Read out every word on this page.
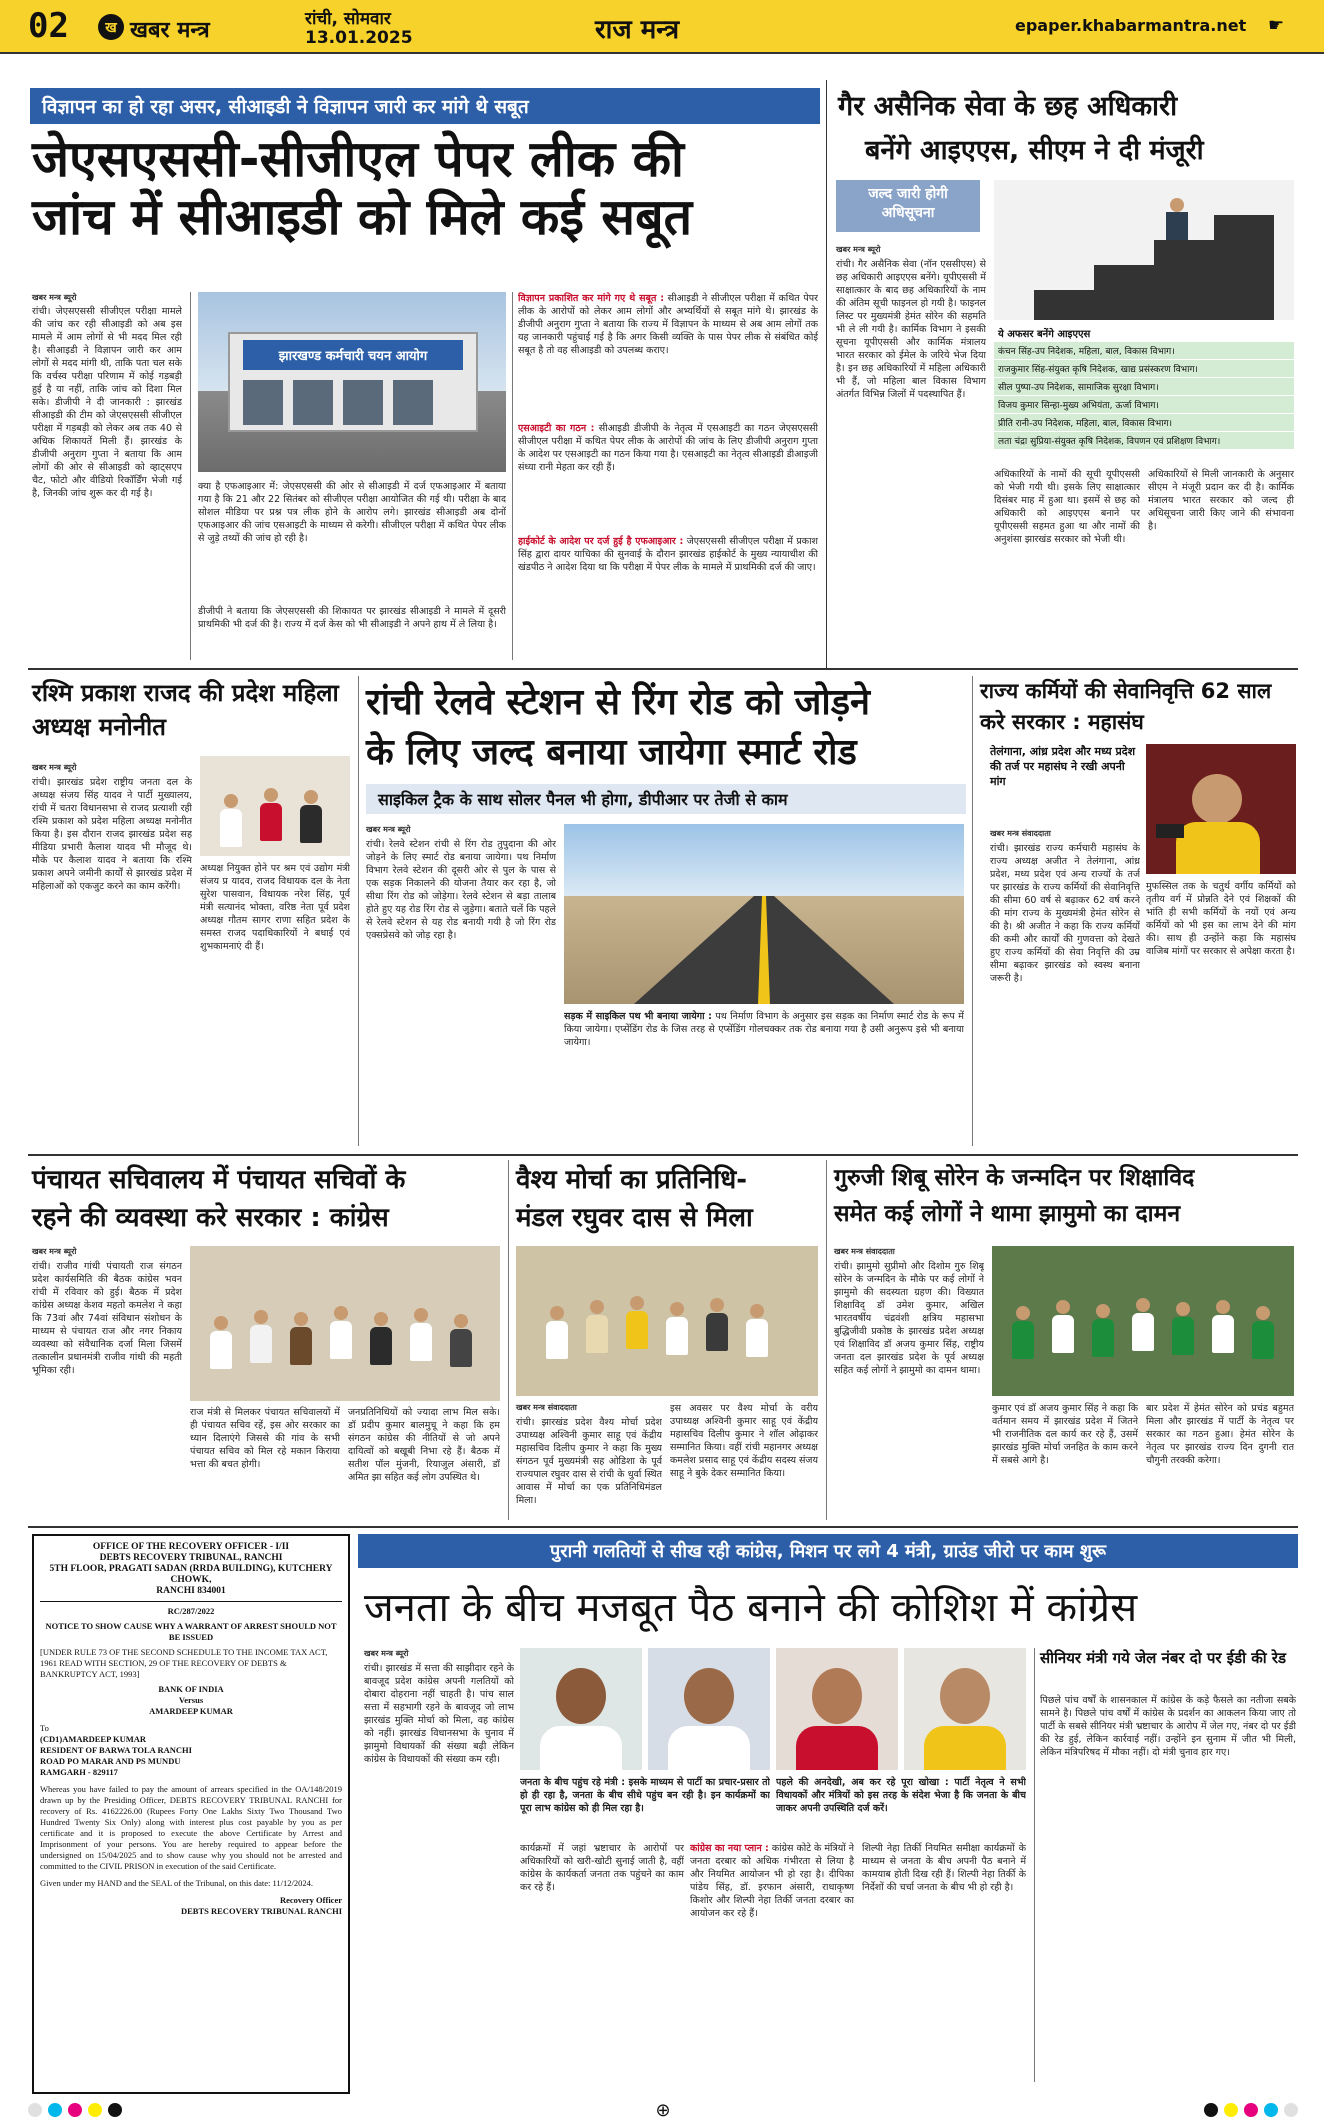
02	ख खबर मन्त्र	रांची, सोमवार
13.01.2025	राज मन्त्र	epaper.khabarmantra.net ☛
विज्ञापन का हो रहा असर, सीआइडी ने विज्ञापन जारी कर मांगे थे सबूत
जेएसएससी-सीजीएल पेपर लीक की
जांच में सीआइडी को मिले कई सबूत
खबर मन्त्र ब्यूरो
रांची। जेएसएससी सीजीएल परीक्षा मामले की जांच कर रही सीआइडी को अब इस मामले में आम लोगों से भी मदद मिल रही है। सीआइडी ने विज्ञापन जारी कर आम लोगों से मदद मांगी थी, ताकि पता चल सके कि वर्चस्व परीक्षा परिणाम में कोई गड़बड़ी हुई है या नहीं, ताकि जांच को दिशा मिल सके। डीजीपी ने दी जानकारी : झारखंड सीआइडी की टीम को जेएसएससी सीजीएल परीक्षा में गड़बड़ी को लेकर अब तक 40 से अधिक शिकायतें मिली हैं। झारखंड के डीजीपी अनुराग गुप्ता ने बताया कि आम लोगों की ओर से सीआइडी को व्हाट्सएप चैट, फोटो और वीडियो रिकॉर्डिंग भेजी गई है, जिनकी जांच शुरू कर दी गई है।
झारखण्ड कर्मचारी चयन आयोग
क्या है एफआइआर में: जेएसएससी की ओर से सीआइडी में दर्ज एफआइआर में बताया गया है कि 21 और 22 सितंबर को सीजीएल परीक्षा आयोजित की गई थी। परीक्षा के बाद सोशल मीडिया पर प्रश्न पत्र लीक होने के आरोप लगे। झारखंड सीआइडी अब दोनों एफआइआर की जांच एसआइटी के माध्यम से करेगी। सीजीएल परीक्षा में कथित पेपर लीक से जुड़े तथ्यों की जांच हो रही है।
डीजीपी ने बताया कि जेएसएससी की शिकायत पर झारखंड सीआइडी ने मामले में दूसरी प्राथमिकी भी दर्ज की है। राज्य में दर्ज केस को भी सीआइडी ने अपने हाथ में ले लिया है।
विज्ञापन प्रकाशित कर मांगे गए थे सबूत : सीआइडी ने सीजीएल परीक्षा में कथित पेपर लीक के आरोपों को लेकर आम लोगों और अभ्यर्थियों से सबूत मांगे थे। झारखंड के डीजीपी अनुराग गुप्ता ने बताया कि राज्य में विज्ञापन के माध्यम से अब आम लोगों तक यह जानकारी पहुंचाई गई है कि अगर किसी व्यक्ति के पास पेपर लीक से संबंधित कोई सबूत है तो वह सीआइडी को उपलब्ध कराए।
एसआइटी का गठन : सीआइडी डीजीपी के नेतृत्व में एसआइटी का गठन जेएसएससी सीजीएल परीक्षा में कथित पेपर लीक के आरोपों की जांच के लिए डीजीपी अनुराग गुप्ता के आदेश पर एसआइटी का गठन किया गया है। एसआइटी का नेतृत्व सीआइडी डीआइजी संध्या रानी मेहता कर रही हैं।
हाईकोर्ट के आदेश पर दर्ज हुई है एफआइआर : जेएसएससी सीजीएल परीक्षा में प्रकाश सिंह द्वारा दायर याचिका की सुनवाई के दौरान झारखंड हाईकोर्ट के मुख्य न्यायाधीश की खंडपीठ ने आदेश दिया था कि परीक्षा में पेपर लीक के मामले में प्राथमिकी दर्ज की जाए।
गैर असैनिक सेवा के छह अधिकारी
बनेंगे आइएएस, सीएम ने दी मंजूरी
जल्द जारी होगी
अधिसूचना
खबर मन्त्र ब्यूरो
रांची। गैर असैनिक सेवा (नॉन एससीएस) से छह अधिकारी आइएएस बनेंगे। यूपीएससी में साक्षात्कार के बाद छह अधिकारियों के नाम की अंतिम सूची फाइनल हो गयी है। फाइनल लिस्ट पर मुख्यमंत्री हेमंत सोरेन की सहमति भी ले ली गयी है। कार्मिक विभाग ने इसकी सूचना यूपीएससी और कार्मिक मंत्रालय भारत सरकार को ईमेल के जरिये भेज दिया है। इन छह अधिकारियों में महिला अधिकारी भी हैं, जो महिला बाल विकास विभाग अंतर्गत विभिन्न जिलों में पदस्थापित हैं।
ये अफसर बनेंगे आइएएस
कंचन सिंह-उप निदेशक, महिला, बाल, विकास विभाग।
राजकुमार सिंह-संयुक्त कृषि निदेशक, खाद्य प्रसंस्करण विभाग।
सील पुष्पा-उप निदेशक, सामाजिक सुरक्षा विभाग।
विजय कुमार सिन्हा-मुख्य अभियंता, ऊर्जा विभाग।
प्रीति रानी-उप निदेशक, महिला, बाल, विकास विभाग।
लता चंद्रा सुप्रिया-संयुक्त कृषि निदेशक, विपणन एवं प्रशिक्षण विभाग।
अधिकारियों के नामों की सूची यूपीएससी को भेजी गयी थी। इसके लिए साक्षात्कार दिसंबर माह में हुआ था। इसमें से छह को अधिकारी को आइएएस बनाने पर यूपीएससी सहमत हुआ था और नामों की अनुशंसा झारखंड सरकार को भेजी थी।
अधिकारियों से मिली जानकारी के अनुसार सीएम ने मंजूरी प्रदान कर दी है। कार्मिक मंत्रालय भारत सरकार को जल्द ही अधिसूचना जारी किए जाने की संभावना है।
रश्मि प्रकाश राजद की प्रदेश महिला अध्यक्ष मनोनीत
खबर मन्त्र ब्यूरो
रांची। झारखंड प्रदेश राष्ट्रीय जनता दल के अध्यक्ष संजय सिंह यादव ने पार्टी मुख्यालय, रांची में चतरा विधानसभा से राजद प्रत्याशी रही रश्मि प्रकाश को प्रदेश महिला अध्यक्ष मनोनीत किया है। इस दौरान राजद झारखंड प्रदेश सह मीडिया प्रभारी कैलाश यादव भी मौजूद थे। मौके पर कैलाश यादव ने बताया कि रश्मि प्रकाश अपने जमीनी कार्यों से झारखंड प्रदेश में महिलाओं को एकजुट करने का काम करेंगी।
अध्यक्ष नियुक्त होने पर श्रम एवं उद्योग मंत्री संजय प्र यादव, राजद विधायक दल के नेता सुरेश पासवान, विधायक नरेश सिंह, पूर्व मंत्री सत्यानंद भोक्ता, वरिष्ठ नेता पूर्व प्रदेश अध्यक्ष गौतम सागर राणा सहित प्रदेश के समस्त राजद पदाधिकारियों ने बधाई एवं शुभकामनाएं दी हैं।
रांची रेलवे स्टेशन से रिंग रोड को जोड़ने
के लिए जल्द बनाया जायेगा स्मार्ट रोड
साइकिल ट्रैक के साथ सोलर पैनल भी होगा, डीपीआर पर तेजी से काम
खबर मन्त्र ब्यूरो
रांची। रेलवे स्टेशन रांची से रिंग रोड तुपुदाना की ओर जोड़ने के लिए स्मार्ट रोड बनाया जायेगा। पथ निर्माण विभाग रेलवे स्टेशन की दूसरी ओर से पुल के पास से एक सड़क निकालने की योजना तैयार कर रहा है, जो सीधा रिंग रोड को जोड़ेगा। रेलवे स्टेशन से बड़ा तालाब होते हुए यह रोड रिंग रोड से जुड़ेगा। बताते चलें कि पहले से रेलवे स्टेशन से यह रोड बनायी गयी है जो रिंग रोड एक्सप्रेसवे को जोड़ रहा है।
सड़क में साइकिल पथ भी बनाया जायेगा : पथ निर्माण विभाग के अनुसार इस सड़क का निर्माण स्मार्ट रोड के रूप में किया जायेगा। एप्सेंडिंग रोड के जिस तरह से एप्सेंडिंग गोलचक्कर तक रोड बनाया गया है उसी अनुरूप इसे भी बनाया जायेगा।
राज्य कर्मियों की सेवानिवृत्ति 62 साल करे सरकार : महासंघ
तेलंगाना, आंध्र प्रदेश और मध्य प्रदेश की तर्ज पर महासंघ ने रखी अपनी मांग
खबर मन्त्र संवाददाता
रांची। झारखंड राज्य कर्मचारी महासंघ के राज्य अध्यक्ष अजीत ने तेलंगाना, आंध्र प्रदेश, मध्य प्रदेश एवं अन्य राज्यों के तर्ज पर झारखंड के राज्य कर्मियों की सेवानिवृत्ति की सीमा 60 वर्ष से बढ़ाकर 62 वर्ष करने की मांग राज्य के मुख्यमंत्री हेमंत सोरेन से की है। श्री अजीत ने कहा कि राज्य कर्मियों की कमी और कार्यों की गुणवत्ता को देखते हुए राज्य कर्मियों की सेवा निवृत्ति की उम्र सीमा बढ़ाकर झारखंड को स्वस्थ बनाना जरूरी है।
मुफस्सिल तक के चतुर्थ वर्गीय कर्मियों को तृतीय वर्ग में प्रोन्नति देने एवं शिक्षकों की भांति ही सभी कर्मियों के नयों एवं अन्य कर्मियों को भी इस का लाभ देने की मांग की। साथ ही उन्होंने कहा कि महासंघ वाजिब मांगों पर सरकार से अपेक्षा करता है।
पंचायत सचिवालय में पंचायत सचिवों के
रहने की व्यवस्था करे सरकार : कांग्रेस
खबर मन्त्र ब्यूरो
रांची। राजीव गांधी पंचायती राज संगठन प्रदेश कार्यसमिति की बैठक कांग्रेस भवन रांची में रविवार को हुई। बैठक में प्रदेश कांग्रेस अध्यक्ष केशव महतो कमलेश ने कहा कि 73वां और 74वां संविधान संशोधन के माध्यम से पंचायत राज और नगर निकाय व्यवस्था को संवैधानिक दर्जा मिला जिसमें तत्कालीन प्रधानमंत्री राजीव गांधी की महती भूमिका रही।
राज मंत्री से मिलकर पंचायत सचिवालयों में ही पंचायत सचिव रहें, इस ओर सरकार का ध्यान दिलाएंगे जिससे की गांव के सभी पंचायत सचिव को मिल रहे मकान किराया भत्ता की बचत होगी।
जनप्रतिनिधियों को ज्यादा लाभ मिल सके। डॉ प्रदीप कुमार बालमुचू ने कहा कि हम संगठन कांग्रेस की नीतियों से जो अपने दायित्वों को बखूबी निभा रहे हैं। बैठक में सतीश पॉल मुंजनी, रियाजुल अंसारी, डॉ अमित झा सहित कई लोग उपस्थित थे।
वैश्य मोर्चा का प्रतिनिधि-
मंडल रघुवर दास से मिला
खबर मन्त्र संवाददाता
रांची। झारखंड प्रदेश वैश्य मोर्चा प्रदेश उपाध्यक्ष अश्विनी कुमार साहू एवं केंद्रीय महासचिव दिलीप कुमार ने कहा कि मुख्य संगठन पूर्व मुख्यमंत्री सह ओडिशा के पूर्व राज्यपाल रघुवर दास से रांची के धुर्वा स्थित आवास में मोर्चा का एक प्रतिनिधिमंडल मिला।
इस अवसर पर वैश्य मोर्चा के वरीय उपाध्यक्ष अश्विनी कुमार साहू एवं केंद्रीय महासचिव दिलीप कुमार ने शॉल ओढ़ाकर सम्मानित किया। वहीं रांची महानगर अध्यक्ष कमलेश प्रसाद साहू एवं केंद्रीय सदस्य संजय साहू ने बुके देकर सम्मानित किया।
गुरुजी शिबू सोरेन के जन्मदिन पर शिक्षाविद
समेत कई लोगों ने थामा झामुमो का दामन
खबर मन्त्र संवाददाता
रांची। झामुमो सुप्रीमो और दिशोम गुरु शिबू सोरेन के जन्मदिन के मौके पर कई लोगों ने झामुमो की सदस्यता ग्रहण की। विख्यात शिक्षाविद् डॉ उमेश कुमार, अखिल भारतवर्षीय चंद्रवंशी क्षत्रिय महासभा बुद्धिजीवी प्रकोष्ठ के झारखंड प्रदेश अध्यक्ष एवं शिक्षाविद डॉ अजय कुमार सिंह, राष्ट्रीय जनता दल झारखंड प्रदेश के पूर्व अध्यक्ष सहित कई लोगों ने झामुमो का दामन थामा।
कुमार एवं डॉ अजय कुमार सिंह ने कहा कि वर्तमान समय में झारखंड प्रदेश में जितने भी राजनीतिक दल कार्य कर रहे हैं, उसमें झारखंड मुक्ति मोर्चा जनहित के काम करने में सबसे आगे है।
बार प्रदेश में हेमंत सोरेन को प्रचंड बहुमत मिला और झारखंड में पार्टी के नेतृत्व पर सरकार का गठन हुआ। हेमंत सोरेन के नेतृत्व पर झारखंड राज्य दिन दुगनी रात चौगुनी तरक्की करेगा।
OFFICE OF THE RECOVERY OFFICER - I/II
DEBTS RECOVERY TRIBUNAL, RANCHI
5TH FLOOR, PRAGATI SADAN (RRDA BUILDING), KUTCHERY CHOWK,
RANCHI 834001
RC/287/2022
NOTICE TO SHOW CAUSE WHY A WARRANT OF ARREST SHOULD NOT BE ISSUED
[UNDER RULE 73 OF THE SECOND SCHEDULE TO THE INCOME TAX ACT, 1961 READ WITH SECTION, 29 OF THE RECOVERY OF DEBTS & BANKRUPTCY ACT, 1993]
BANK OF INDIA
Versus
AMARDEEP KUMAR
To
(CD1)AMARDEEP KUMAR
RESIDENT OF BARWA TOLA RANCHI
ROAD PO MARAR AND PS MUNDU
RAMGARH - 829117
Whereas you have failed to pay the amount of arrears specified in the OA/148/2019 drawn up by the Presiding Officer, DEBTS RECOVERY TRIBUNAL RANCHI for recovery of Rs. 4162226.00 (Rupees Forty One Lakhs Sixty Two Thousand Two Hundred Twenty Six Only) along with interest plus cost payable by you as per certificate and it is proposed to execute the above Certificate by Arrest and Imprisonment of your persons. You are hereby required to appear before the undersigned on 15/04/2025 and to show cause why you should not be arrested and committed to the CIVIL PRISON in execution of the said Certificate.
Given under my HAND and the SEAL of the Tribunal, on this date: 11/12/2024.
Recovery Officer
DEBTS RECOVERY TRIBUNAL RANCHI
पुरानी गलतियों से सीख रही कांग्रेस, मिशन पर लगे 4 मंत्री, ग्राउंड जीरो पर काम शुरू
जनता के बीच मजबूत पैठ बनाने की कोशिश में कांग्रेस
खबर मन्त्र ब्यूरो
रांची। झारखंड में सत्ता की साझीदार रहने के बावजूद प्रदेश कांग्रेस अपनी गलतियों को दोबारा दोहराना नहीं चाहती है। पांच साल सत्ता में सहभागी रहने के बावजूद जो लाभ झारखंड मुक्ति मोर्चा को मिला, वह कांग्रेस को नहीं। झारखंड विधानसभा के चुनाव में झामुमो विधायकों की संख्या बढ़ी लेकिन कांग्रेस के विधायकों की संख्या कम रही।
जनता के बीच पहुंच रहे मंत्री : इसके माध्यम से पार्टी का प्रचार-प्रसार तो हो ही रहा है, जनता के बीच सीधे पहुंच बन रही है। इन कार्यक्रमों का पूरा लाभ कांग्रेस को ही मिल रहा है।
पहले की अनदेखी, अब कर रहे पूरा खोखा : पार्टी नेतृत्व ने सभी विधायकों और मंत्रियों को इस तरह के संदेश भेजा है कि जनता के बीच जाकर अपनी उपस्थिति दर्ज करें।
कार्यक्रमों में जहां भ्रष्टाचार के आरोपों पर अधिकारियों को खरी-खोटी सुनाई जाती है, वहीं कांग्रेस के कार्यकर्ता जनता तक पहुंचने का काम कर रहे हैं।
कांग्रेस का नया प्लान : कांग्रेस कोटे के मंत्रियों ने जनता दरबार को अधिक गंभीरता से लिया है और नियमित आयोजन भी हो रहा है। दीपिका पांडेय सिंह, डॉ. इरफान अंसारी, राधाकृष्ण किशोर और शिल्पी नेहा तिर्की जनता दरबार का आयोजन कर रहे हैं।
शिल्पी नेहा तिर्की नियमित समीक्षा कार्यक्रमों के माध्यम से जनता के बीच अपनी पैठ बनाने में कामयाब होती दिख रही हैं। शिल्पी नेहा तिर्की के निर्देशों की चर्चा जनता के बीच भी हो रही है।
सीनियर मंत्री गये जेल नंबर दो पर ईडी की रेड
पिछले पांच वर्षों के शासनकाल में कांग्रेस के कड़े फैसले का नतीजा सबके सामने है। पिछले पांच वर्षों में कांग्रेस के प्रदर्शन का आकलन किया जाए तो पार्टी के सबसे सीनियर मंत्री भ्रष्टाचार के आरोप में जेल गए, नंबर दो पर ईडी की रेड हुई, लेकिन कार्रवाई नहीं। उन्होंने इन सुनाम में जीत भी मिली, लेकिन मंत्रिपरिषद में मौका नहीं। दो मंत्री चुनाव हार गए।
⊕
